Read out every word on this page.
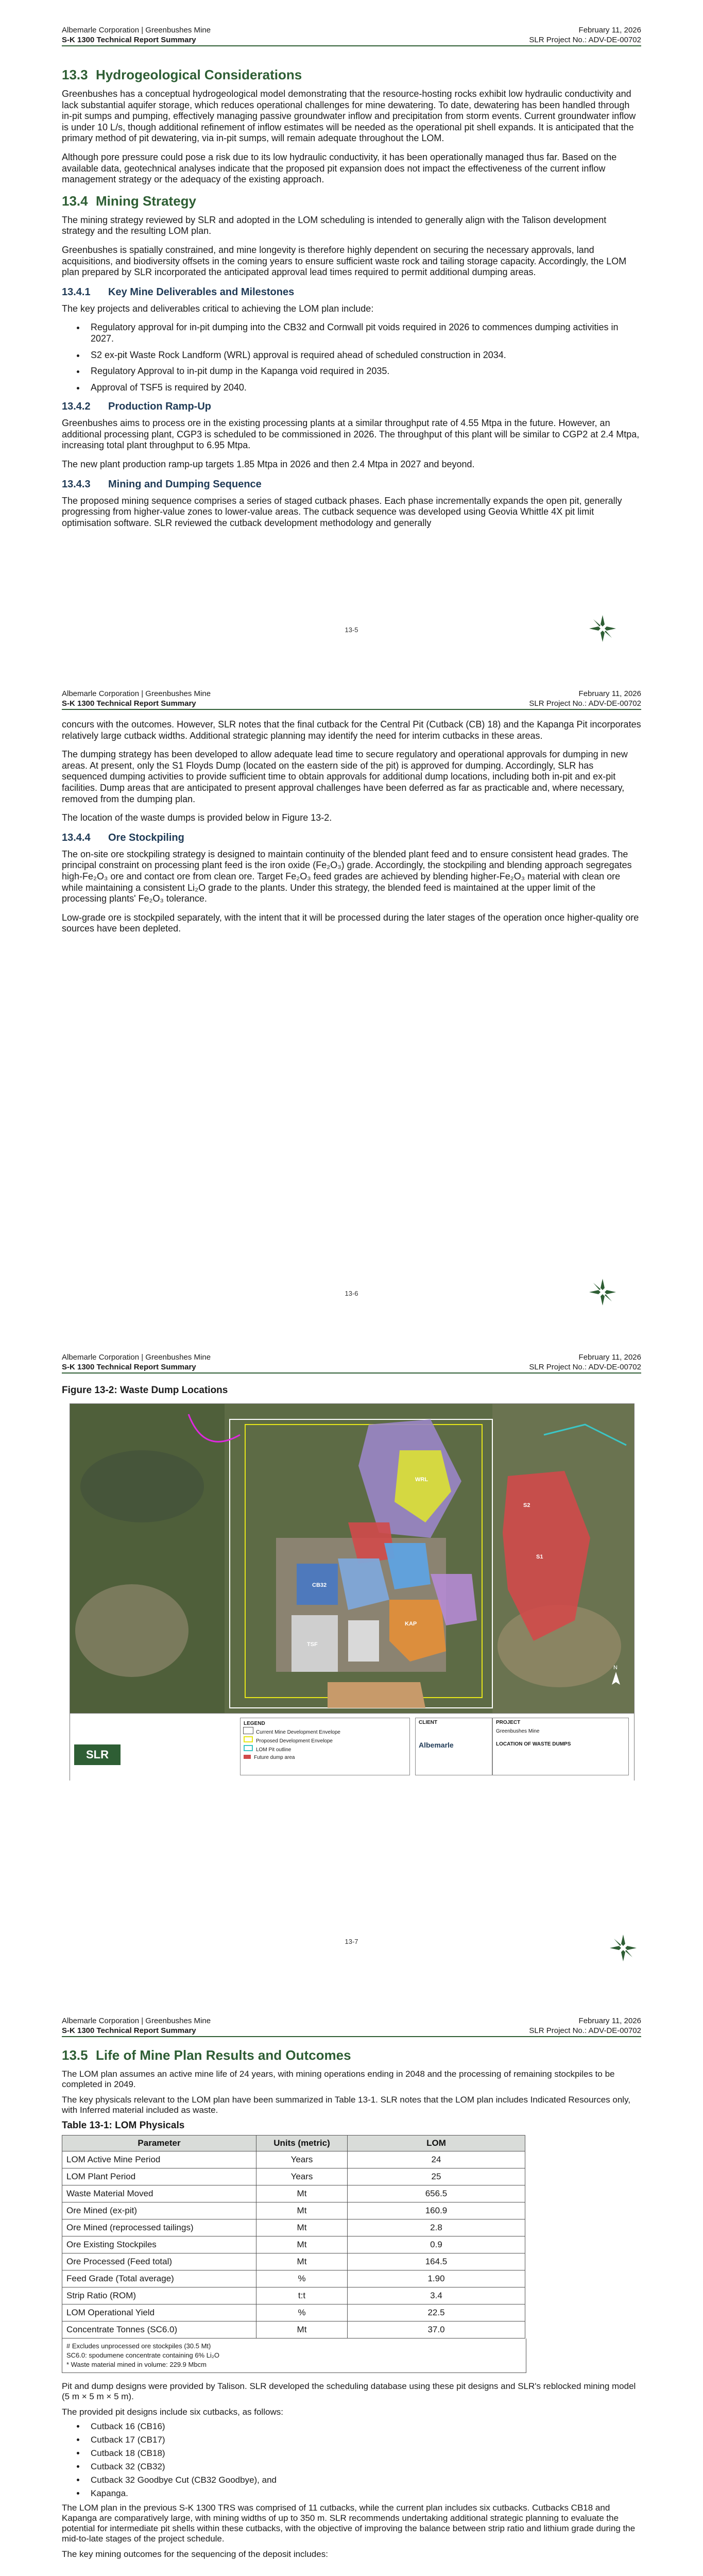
Albemarle Corporation | Greenbushes Mine
S-K 1300 Technical Report Summary
February 11, 2026
SLR Project No.: ADV-DE-00702
13.3 Hydrogeological Considerations

Greenbushes has a conceptual hydrogeological model demonstrating that the resource-hosting rocks exhibit low hydraulic conductivity and lack substantial aquifer storage, which reduces operational challenges for mine dewatering. To date, dewatering has been handled through in-pit sumps and pumping, effectively managing passive groundwater inflow and precipitation from storm events. Current groundwater inflow is under 10 L/s, though additional refinement of inflow estimates will be needed as the operational pit shell expands. It is anticipated that the primary method of pit dewatering, via in-pit sumps, will remain adequate throughout the LOM.

Although pore pressure could pose a risk due to its low hydraulic conductivity, it has been operationally managed thus far. Based on the available data, geotechnical analyses indicate that the proposed pit expansion does not impact the effectiveness of the current inflow management strategy or the adequacy of the existing approach.

13.4 Mining Strategy

The mining strategy reviewed by SLR and adopted in the LOM scheduling is intended to generally align with the Talison development strategy and the resulting LOM plan.

Greenbushes is spatially constrained, and mine longevity is therefore highly dependent on securing the necessary approvals, land acquisitions, and biodiversity offsets in the coming years to ensure sufficient waste rock and tailing storage capacity. Accordingly, the LOM plan prepared by SLR incorporated the anticipated approval lead times required to permit additional dumping areas.

13.4.1 Key Mine Deliverables and Milestones

The key projects and deliverables critical to achieving the LOM plan include:

• Regulatory approval for in-pit dumping into the CB32 and Cornwall pit voids required in 2026 to commences dumping activities in 2027.
• S2 ex-pit Waste Rock Landform (WRL) approval is required ahead of scheduled construction in 2034.
• Regulatory Approval to in-pit dump in the Kapanga void required in 2035.
• Approval of TSF5 is required by 2040.
13.4.2 Production Ramp-Up

Greenbushes aims to process ore in the existing processing plants at a similar throughput rate of 4.55 Mtpa in the future. However, an additional processing plant, CGP3 is scheduled to be commissioned in 2026. The throughput of this plant will be similar to CGP2 at 2.4 Mtpa, increasing total plant throughput to 6.95 Mtpa.

The new plant production ramp-up targets 1.85 Mtpa in 2026 and then 2.4 Mtpa in 2027 and beyond.

13.4.3 Mining and Dumping Sequence

The proposed mining sequence comprises a series of staged cutback phases. Each phase incrementally expands the open pit, generally progressing from higher-value zones to lower-value areas. The cutback sequence was developed using Geovia Whittle 4X pit limit optimisation software. SLR reviewed the cutback development methodology and generally

13-5
Albemarle Corporation | Greenbushes Mine
S-K 1300 Technical Report Summary
February 11, 2026
SLR Project No.: ADV-DE-00702

concurs with the outcomes. However, SLR notes that the final cutback for the Central Pit (Cutback (CB) 18) and the Kapanga Pit incorporates relatively large cutback widths. Additional strategic planning may identify the need for interim cutbacks in these areas.

The dumping strategy has been developed to allow adequate lead time to secure regulatory and operational approvals for dumping in new areas. At present, only the S1 Floyds Dump (located on the eastern side of the pit) is approved for dumping. Accordingly, SLR has sequenced dumping activities to provide sufficient time to obtain approvals for additional dump locations, including both in-pit and ex-pit facilities. Dump areas that are anticipated to present approval challenges have been deferred as far as practicable and, where necessary, removed from the dumping plan.

The location of the waste dumps is provided below in Figure 13-2.

13.4.4 Ore Stockpiling

The on-site ore stockpiling strategy is designed to maintain continuity of the blended plant feed and to ensure consistent head grades. The principal constraint on processing plant feed is the iron oxide (Fe₂O₃) grade. Accordingly, the stockpiling and blending approach segregates high-Fe₂O₃ ore and contact ore from clean ore. Target Fe₂O₃ feed grades are achieved by blending higher-Fe₂O₃ material with clean ore while maintaining a consistent Li₂O grade to the plants. Under this strategy, the blended feed is maintained at the upper limit of the processing plants' Fe₂O₃ tolerance.

Low-grade ore is stockpiled separately, with the intent that it will be processed during the later stages of the operation once higher-quality ore sources have been depleted.

13-6
Albemarle Corporation | Greenbushes Mine
S-K 1300 Technical Report Summary
February 11, 2026
SLR Project No.: ADV-DE-00702
Figure 13-2: Waste Dump Locations
S1
S2
WRL
TSF
CB32
KAP
N
SLR
LEGEND
Current Mine Development Envelope
Proposed Development Envelope
LOM Pit outline
Future dump area
CLIENT
Albemarle
PROJECT
Greenbushes Mine
LOCATION OF WASTE DUMPS
13-7
Albemarle Corporation | Greenbushes Mine
S-K 1300 Technical Report Summary
February 11, 2026
SLR Project No.: ADV-DE-00702
13.5 Life of Mine Plan Results and Outcomes

The LOM plan assumes an active mine life of 24 years, with mining operations ending in 2048 and the processing of remaining stockpiles to be completed in 2049.

The key physicals relevant to the LOM plan have been summarized in Table 13-1. SLR notes that the LOM plan includes Indicated Resources only, with Inferred material included as waste.

Table 13-1: LOM Physicals
Parameter	Units (metric)	LOM
LOM Active Mine Period	Years	24
LOM Plant Period	Years	25
Waste Material Moved	Mt	656.5
Ore Mined (ex-pit)	Mt	160.9
Ore Mined (reprocessed tailings)	Mt	2.8
Ore Existing Stockpiles	Mt	0.9
Ore Processed (Feed total)	Mt	164.5
Feed Grade (Total average)	%	1.90
Strip Ratio (ROM)	t:t	3.4
LOM Operational Yield	%	22.5
Concentrate Tonnes (SC6.0)	Mt	37.0
# Excludes unprocessed ore stockpiles (30.5 Mt)
SC6.0: spodumene concentrate containing 6% Li₂O
* Waste material mined in volume: 229.9 Mbcm

Pit and dump designs were provided by Talison. SLR developed the scheduling database using these pit designs and SLR's reblocked mining model (5 m × 5 m × 5 m).

The provided pit designs include six cutbacks, as follows:

• Cutback 16 (CB16)
• Cutback 17 (CB17)
• Cutback 18 (CB18)
• Cutback 32 (CB32)
• Cutback 32 Goodbye Cut (CB32 Goodbye), and
• Kapanga.

The LOM plan in the previous S-K 1300 TRS was comprised of 11 cutbacks, while the current plan includes six cutbacks. Cutbacks CB18 and Kapanga are comparatively large, with mining widths of up to 350 m. SLR recommends undertaking additional strategic planning to evaluate the potential for intermediate pit shells within these cutbacks, with the objective of improving the balance between strip ratio and lithium grade during the mid-to-late stages of the project schedule.

The key mining outcomes for the sequencing of the deposit includes:
